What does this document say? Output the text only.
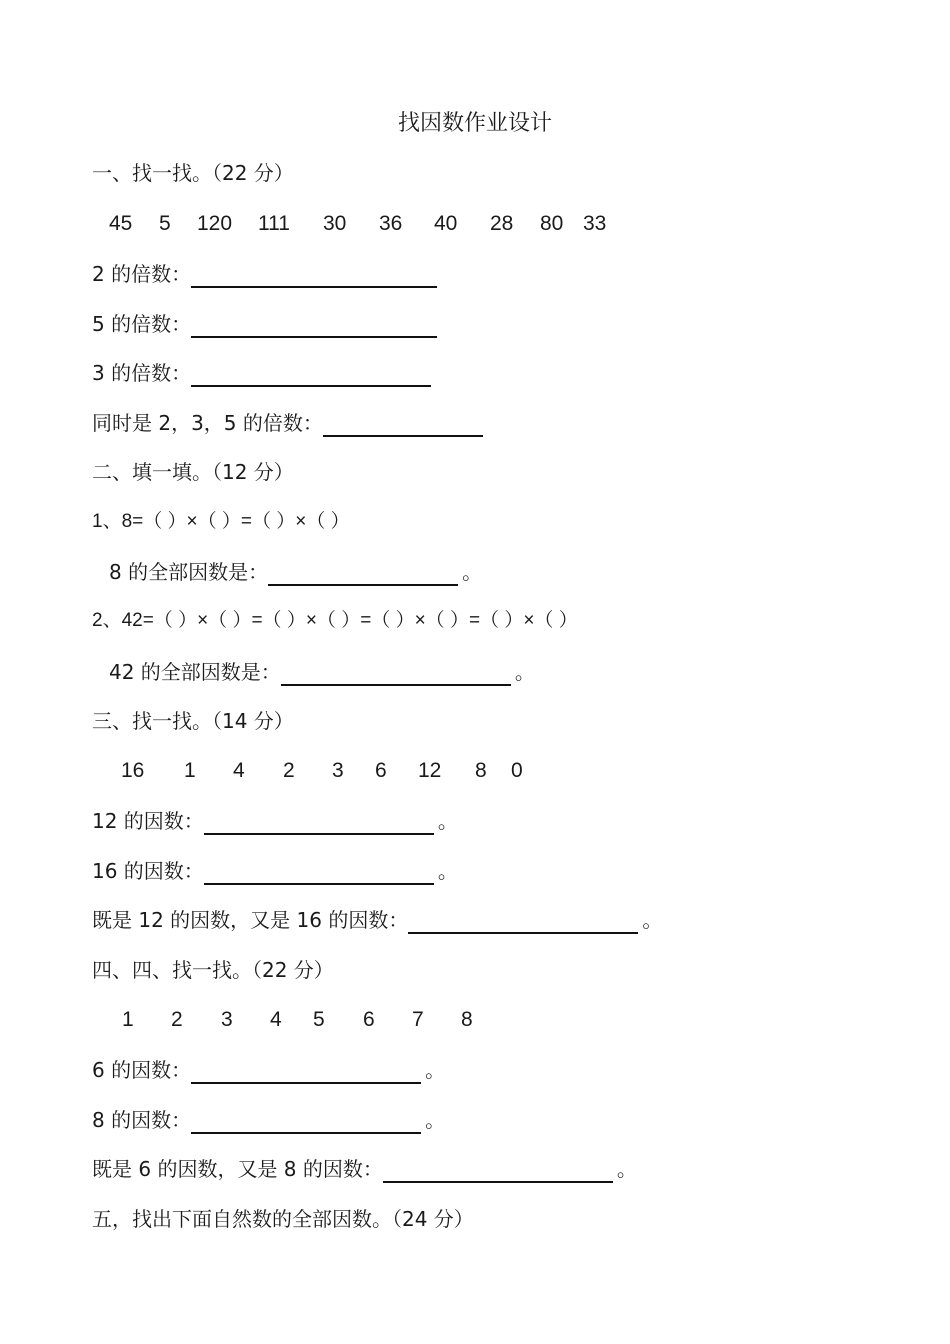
找因数作业设计
一、找一找。（22 分）
45 5 120 111 30 36 40 28 80 33
2 的倍数：
5 的倍数：
3 的倍数：
同时是 2，3，5 的倍数：
二、填一填。（12 分）
1、8=（ ）×（ ）=（ ）×（ ）
8 的全部因数是：	。
2、42=（ ）×（ ）=（ ）×（ ）=（ ）×（ ）=（ ）×（ ）
42 的全部因数是：	。
三、找一找。（14 分）
16 1 4 2 3 6 12 8 0
12 的因数：	。
16 的因数：	。
既是 12 的因数，又是 16 的因数：	。
四、四、找一找。（22 分）
1 2 3 4 5 6 7 8
6 的因数：	。
8 的因数：	。
既是 6 的因数，又是 8 的因数：	。
五，找出下面自然数的全部因数。（24 分）
